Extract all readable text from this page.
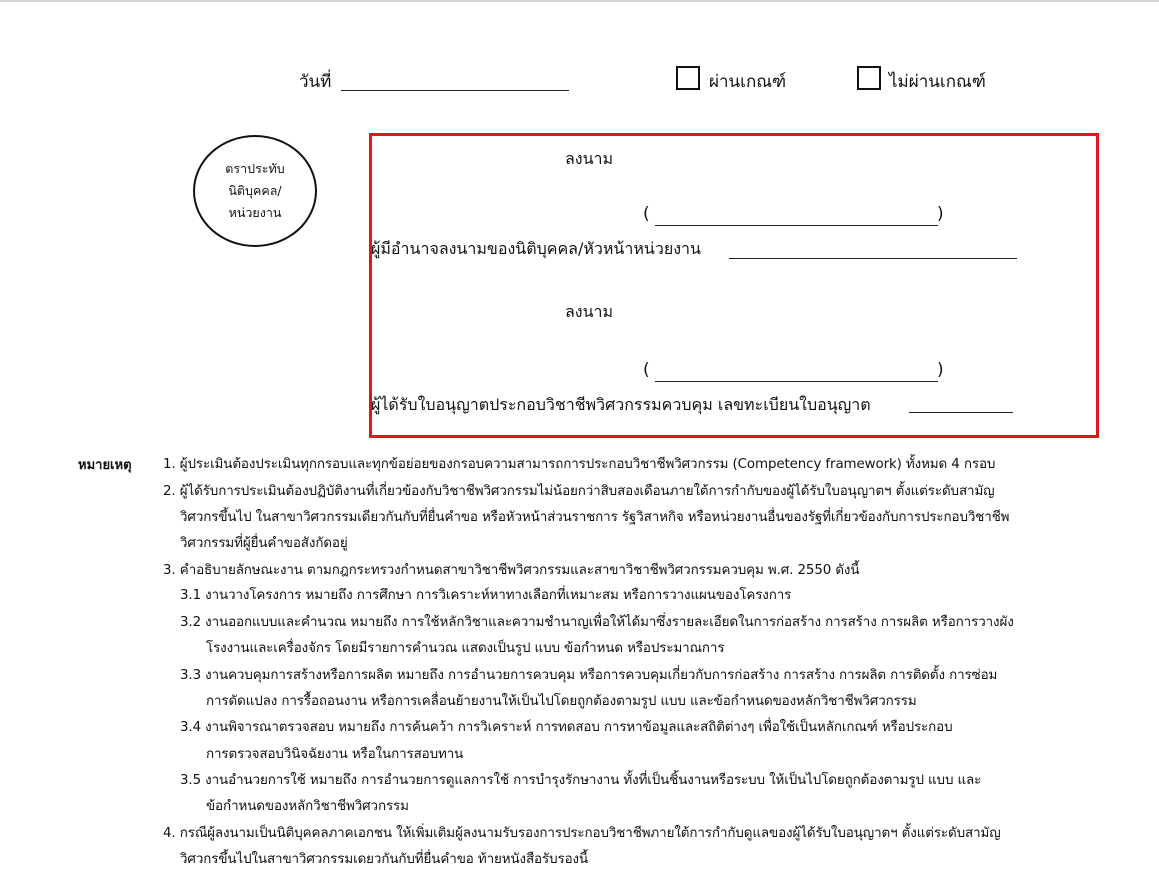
วันที่	ผ่านเกณฑ์	ไม่ผ่านเกณฑ์
ตราประทับ
นิติบุคคล/
หน่วยงาน
ลงนาม
(	)
ผู้มีอำนาจลงนามของนิติบุคคล/หัวหน้าหน่วยงาน
ลงนาม
(	)
ผู้ได้รับใบอนุญาตประกอบวิชาชีพวิศวกรรมควบคุม เลขทะเบียนใบอนุญาต
หมายเหตุ 1. ผู้ประเมินต้องประเมินทุกกรอบและทุกข้อย่อยของกรอบความสามารถการประกอบวิชาชีพวิศวกรรม (Competency framework) ทั้งหมด 4 กรอบ
2. ผู้ได้รับการประเมินต้องปฏิบัติงานที่เกี่ยวข้องกับวิชาชีพวิศวกรรมไม่น้อยกว่าสิบสองเดือนภายใต้การกำกับของผู้ได้รับใบอนุญาตฯ ตั้งแต่ระดับสามัญ
วิศวกรขึ้นไป ในสาขาวิศวกรรมเดียวกันกับที่ยื่นคำขอ หรือหัวหน้าส่วนราชการ รัฐวิสาหกิจ หรือหน่วยงานอื่นของรัฐที่เกี่ยวข้องกับการประกอบวิชาชีพ
วิศวกรรมที่ผู้ยื่นคำขอสังกัดอยู่
3. คำอธิบายลักษณะงาน ตามกฎกระทรวงกำหนดสาขาวิชาชีพวิศวกรรมและสาขาวิชาชีพวิศวกรรมควบคุม พ.ศ. 2550 ดังนี้
3.1 งานวางโครงการ หมายถึง การศึกษา การวิเคราะห์หาทางเลือกที่เหมาะสม หรือการวางแผนของโครงการ
3.2 งานออกแบบและคำนวณ หมายถึง การใช้หลักวิชาและความชำนาญเพื่อให้ได้มาซึ่งรายละเอียดในการก่อสร้าง การสร้าง การผลิต หรือการวางผัง
โรงงานและเครื่องจักร โดยมีรายการคำนวณ แสดงเป็นรูป แบบ ข้อกำหนด หรือประมาณการ
3.3 งานควบคุมการสร้างหรือการผลิต หมายถึง การอำนวยการควบคุม หรือการควบคุมเกี่ยวกับการก่อสร้าง การสร้าง การผลิต การติดตั้ง การซ่อม
การดัดแปลง การรื้อถอนงาน หรือการเคลื่อนย้ายงานให้เป็นไปโดยถูกต้องตามรูป แบบ และข้อกำหนดของหลักวิชาชีพวิศวกรรม
3.4 งานพิจารณาตรวจสอบ หมายถึง การค้นคว้า การวิเคราะห์ การทดสอบ การหาข้อมูลและสถิติต่างๆ เพื่อใช้เป็นหลักเกณฑ์ หรือประกอบ
การตรวจสอบวินิจฉัยงาน หรือในการสอบทาน
3.5 งานอำนวยการใช้ หมายถึง การอำนวยการดูแลการใช้ การบำรุงรักษางาน ทั้งที่เป็นชิ้นงานหรือระบบ ให้เป็นไปโดยถูกต้องตามรูป แบบ และ
ข้อกำหนดของหลักวิชาชีพวิศวกรรม
4. กรณีผู้ลงนามเป็นนิติบุคคลภาคเอกชน ให้เพิ่มเติมผู้ลงนามรับรองการประกอบวิชาชีพภายใต้การกำกับดูแลของผู้ได้รับใบอนุญาตฯ ตั้งแต่ระดับสามัญ
วิศวกรขึ้นไปในสาขาวิศวกรรมเดยวกันกับที่ยื่นคำขอ ท้ายหนังสือรับรองนี้
